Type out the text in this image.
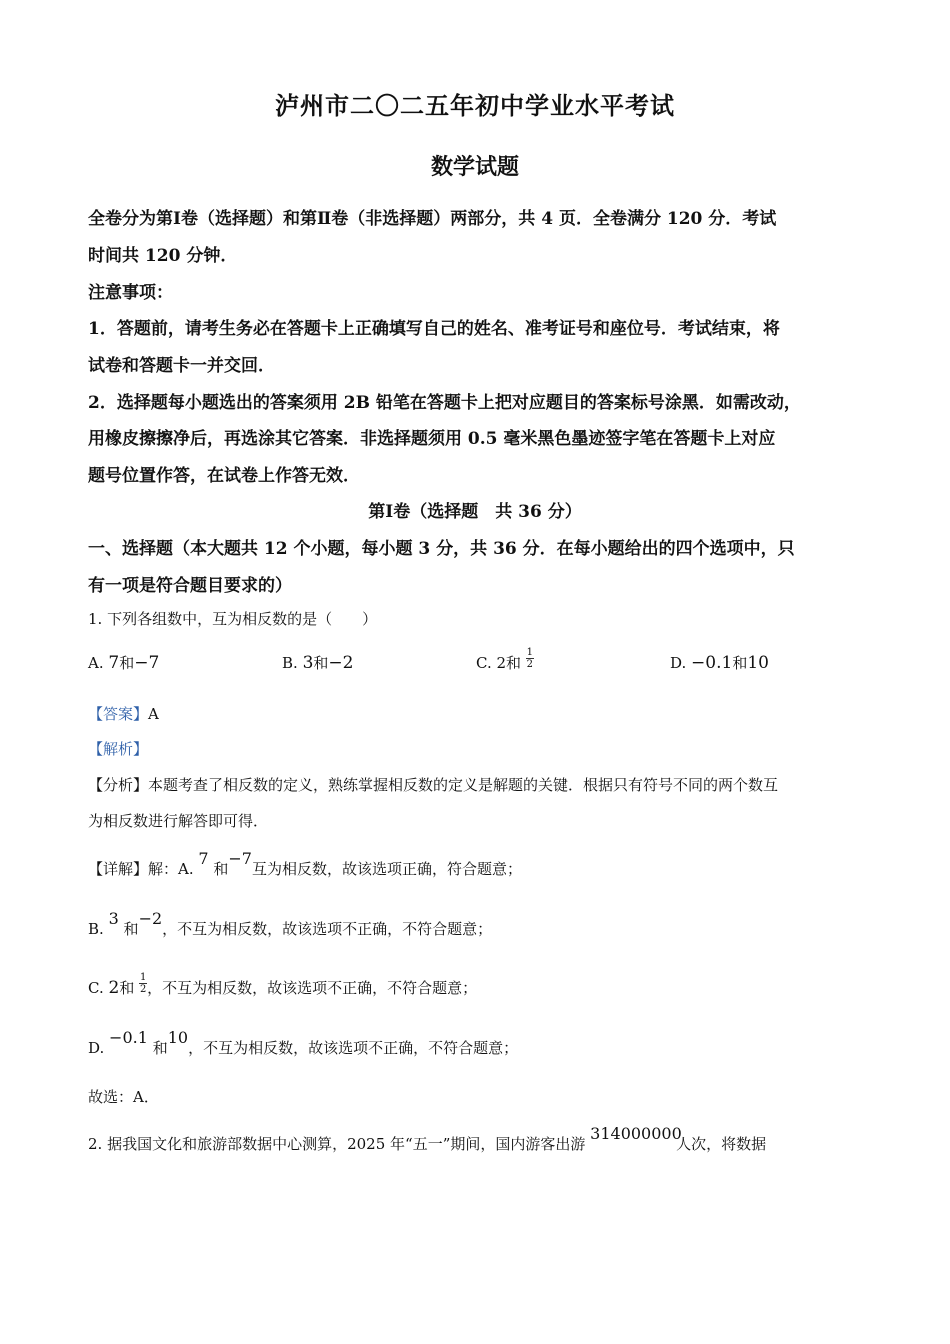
泸州市二〇二五年初中学业水平考试
数学试题
全卷分为第Ⅰ卷（选择题）和第Ⅱ卷（非选择题）两部分，共 4 页．全卷满分 120 分．考试
时间共 120 分钟．
注意事项：
1．答题前，请考生务必在答题卡上正确填写自己的姓名、准考证号和座位号．考试结束，将
试卷和答题卡一并交回．
2．选择题每小题选出的答案须用 2B 铅笔在答题卡上把对应题目的答案标号涂黑．如需改动，
用橡皮擦擦净后，再选涂其它答案．非选择题须用 0.5 毫米黑色墨迹签字笔在答题卡上对应
题号位置作答，在试卷上作答无效．
第Ⅰ卷（选择题　共 36 分）
一、选择题（本大题共 12 个小题，每小题 3 分，共 36 分．在每小题给出的四个选项中，只
有一项是符合题目要求的）
1. 下列各组数中，互为相反数的是（　　）
A. 7和−7	B. 3和−2	C. 2和 $\frac{1}{2}$	D. −0.1和10
【答案】A
【解析】
【分析】本题考查了相反数的定义，熟练掌握相反数的定义是解题的关键．根据只有符号不同的两个数互
为相反数进行解答即可得．
【详解】解：A. 7 和−7互为相反数，故该选项正确，符合题意；
B. 3 和−2，不互为相反数，故该选项不正确，不符合题意；
C. 2和 $\frac{1}{2}$ ，不互为相反数，故该选项不正确，不符合题意；
D. −0.1 和10，不互为相反数，故该选项不正确，不符合题意；
故选：A．
2. 据我国文化和旅游部数据中心测算，2025 年“五一”期间，国内游客出游 314000000人次，将数据
